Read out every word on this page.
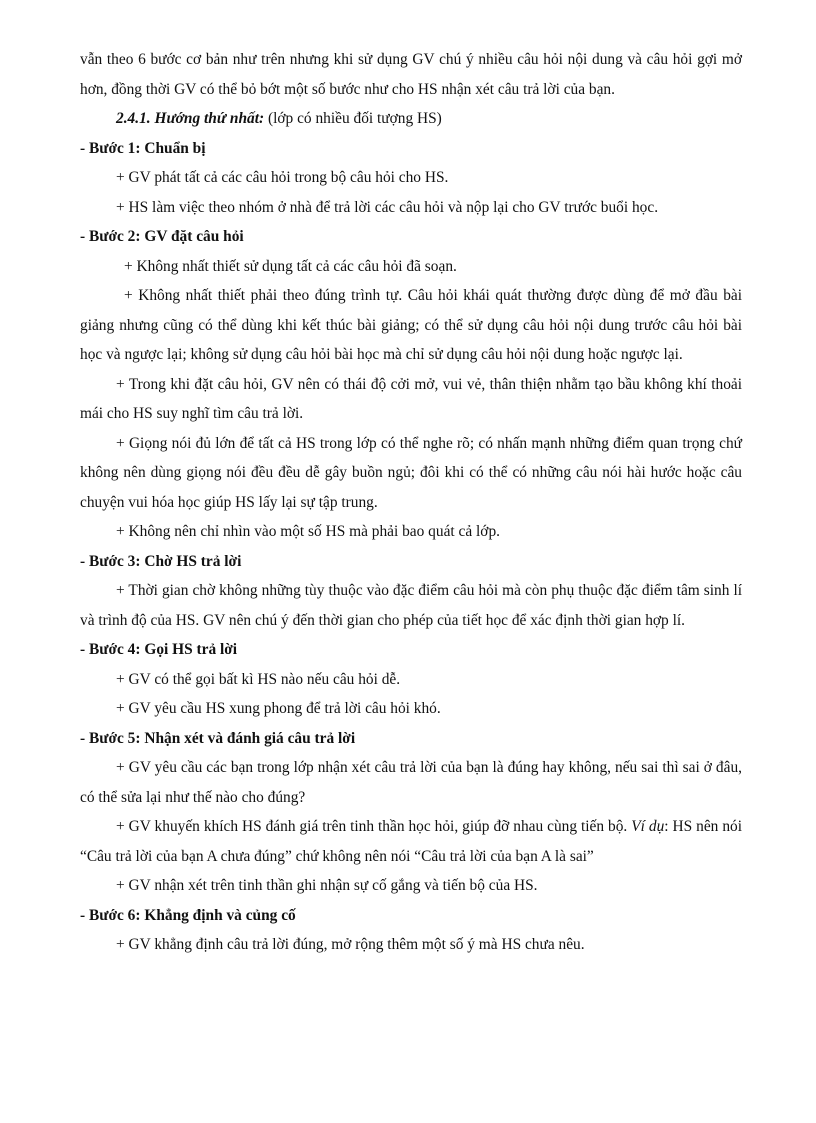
vẫn theo 6 bước cơ bản như trên nhưng khi sử dụng GV chú ý nhiều câu hỏi nội dung và câu hỏi gợi mở hơn, đồng thời GV có thể bỏ bớt một số bước như cho HS nhận xét câu trả lời của bạn.

2.4.1. Hướng thứ nhất: (lớp có nhiều đối tượng HS)

- Bước 1: Chuẩn bị

+ GV phát tất cả các câu hỏi trong bộ câu hỏi cho HS.

+ HS làm việc theo nhóm ở nhà để trả lời các câu hỏi và nộp lại cho GV trước buổi học.

- Bước 2: GV đặt câu hỏi

+ Không nhất thiết sử dụng tất cả các câu hỏi đã soạn.

+ Không nhất thiết phải theo đúng trình tự. Câu hỏi khái quát thường được dùng để mở đầu bài giảng nhưng cũng có thể dùng khi kết thúc bài giảng; có thể sử dụng câu hỏi nội dung trước câu hỏi bài học và ngược lại; không sử dụng câu hỏi bài học mà chỉ sử dụng câu hỏi nội dung hoặc ngược lại.

+ Trong khi đặt câu hỏi, GV nên có thái độ cởi mở, vui vẻ, thân thiện nhằm tạo bầu không khí thoải mái cho HS suy nghĩ tìm câu trả lời.

+ Giọng nói đủ lớn để tất cả HS trong lớp có thể nghe rõ; có nhấn mạnh những điểm quan trọng chứ không nên dùng giọng nói đều đều dễ gây buồn ngủ; đôi khi có thể có những câu nói hài hước hoặc câu chuyện vui hóa học giúp HS lấy lại sự tập trung.

+ Không nên chỉ nhìn vào một số HS mà phải bao quát cả lớp.

- Bước 3: Chờ HS trả lời

+ Thời gian chờ không những tùy thuộc vào đặc điểm câu hỏi mà còn phụ thuộc đặc điểm tâm sinh lí và trình độ của HS. GV nên chú ý đến thời gian cho phép của tiết học để xác định thời gian hợp lí.

- Bước 4: Gọi HS trả lời

+ GV có thể gọi bất kì HS nào nếu câu hỏi dễ.

+ GV yêu cầu HS xung phong để trả lời câu hỏi khó.

- Bước 5: Nhận xét và đánh giá câu trả lời

+ GV yêu cầu các bạn trong lớp nhận xét câu trả lời của bạn là đúng hay không, nếu sai thì sai ở đâu, có thể sửa lại như thế nào cho đúng?

+ GV khuyến khích HS đánh giá trên tinh thần học hỏi, giúp đỡ nhau cùng tiến bộ. Ví dụ: HS nên nói “Câu trả lời của bạn A chưa đúng” chứ không nên nói “Câu trả lời của bạn A là sai”

+ GV nhận xét trên tinh thần ghi nhận sự cố gắng và tiến bộ của HS.

- Bước 6: Khẳng định và củng cố

+ GV khẳng định câu trả lời đúng, mở rộng thêm một số ý mà HS chưa nêu.
